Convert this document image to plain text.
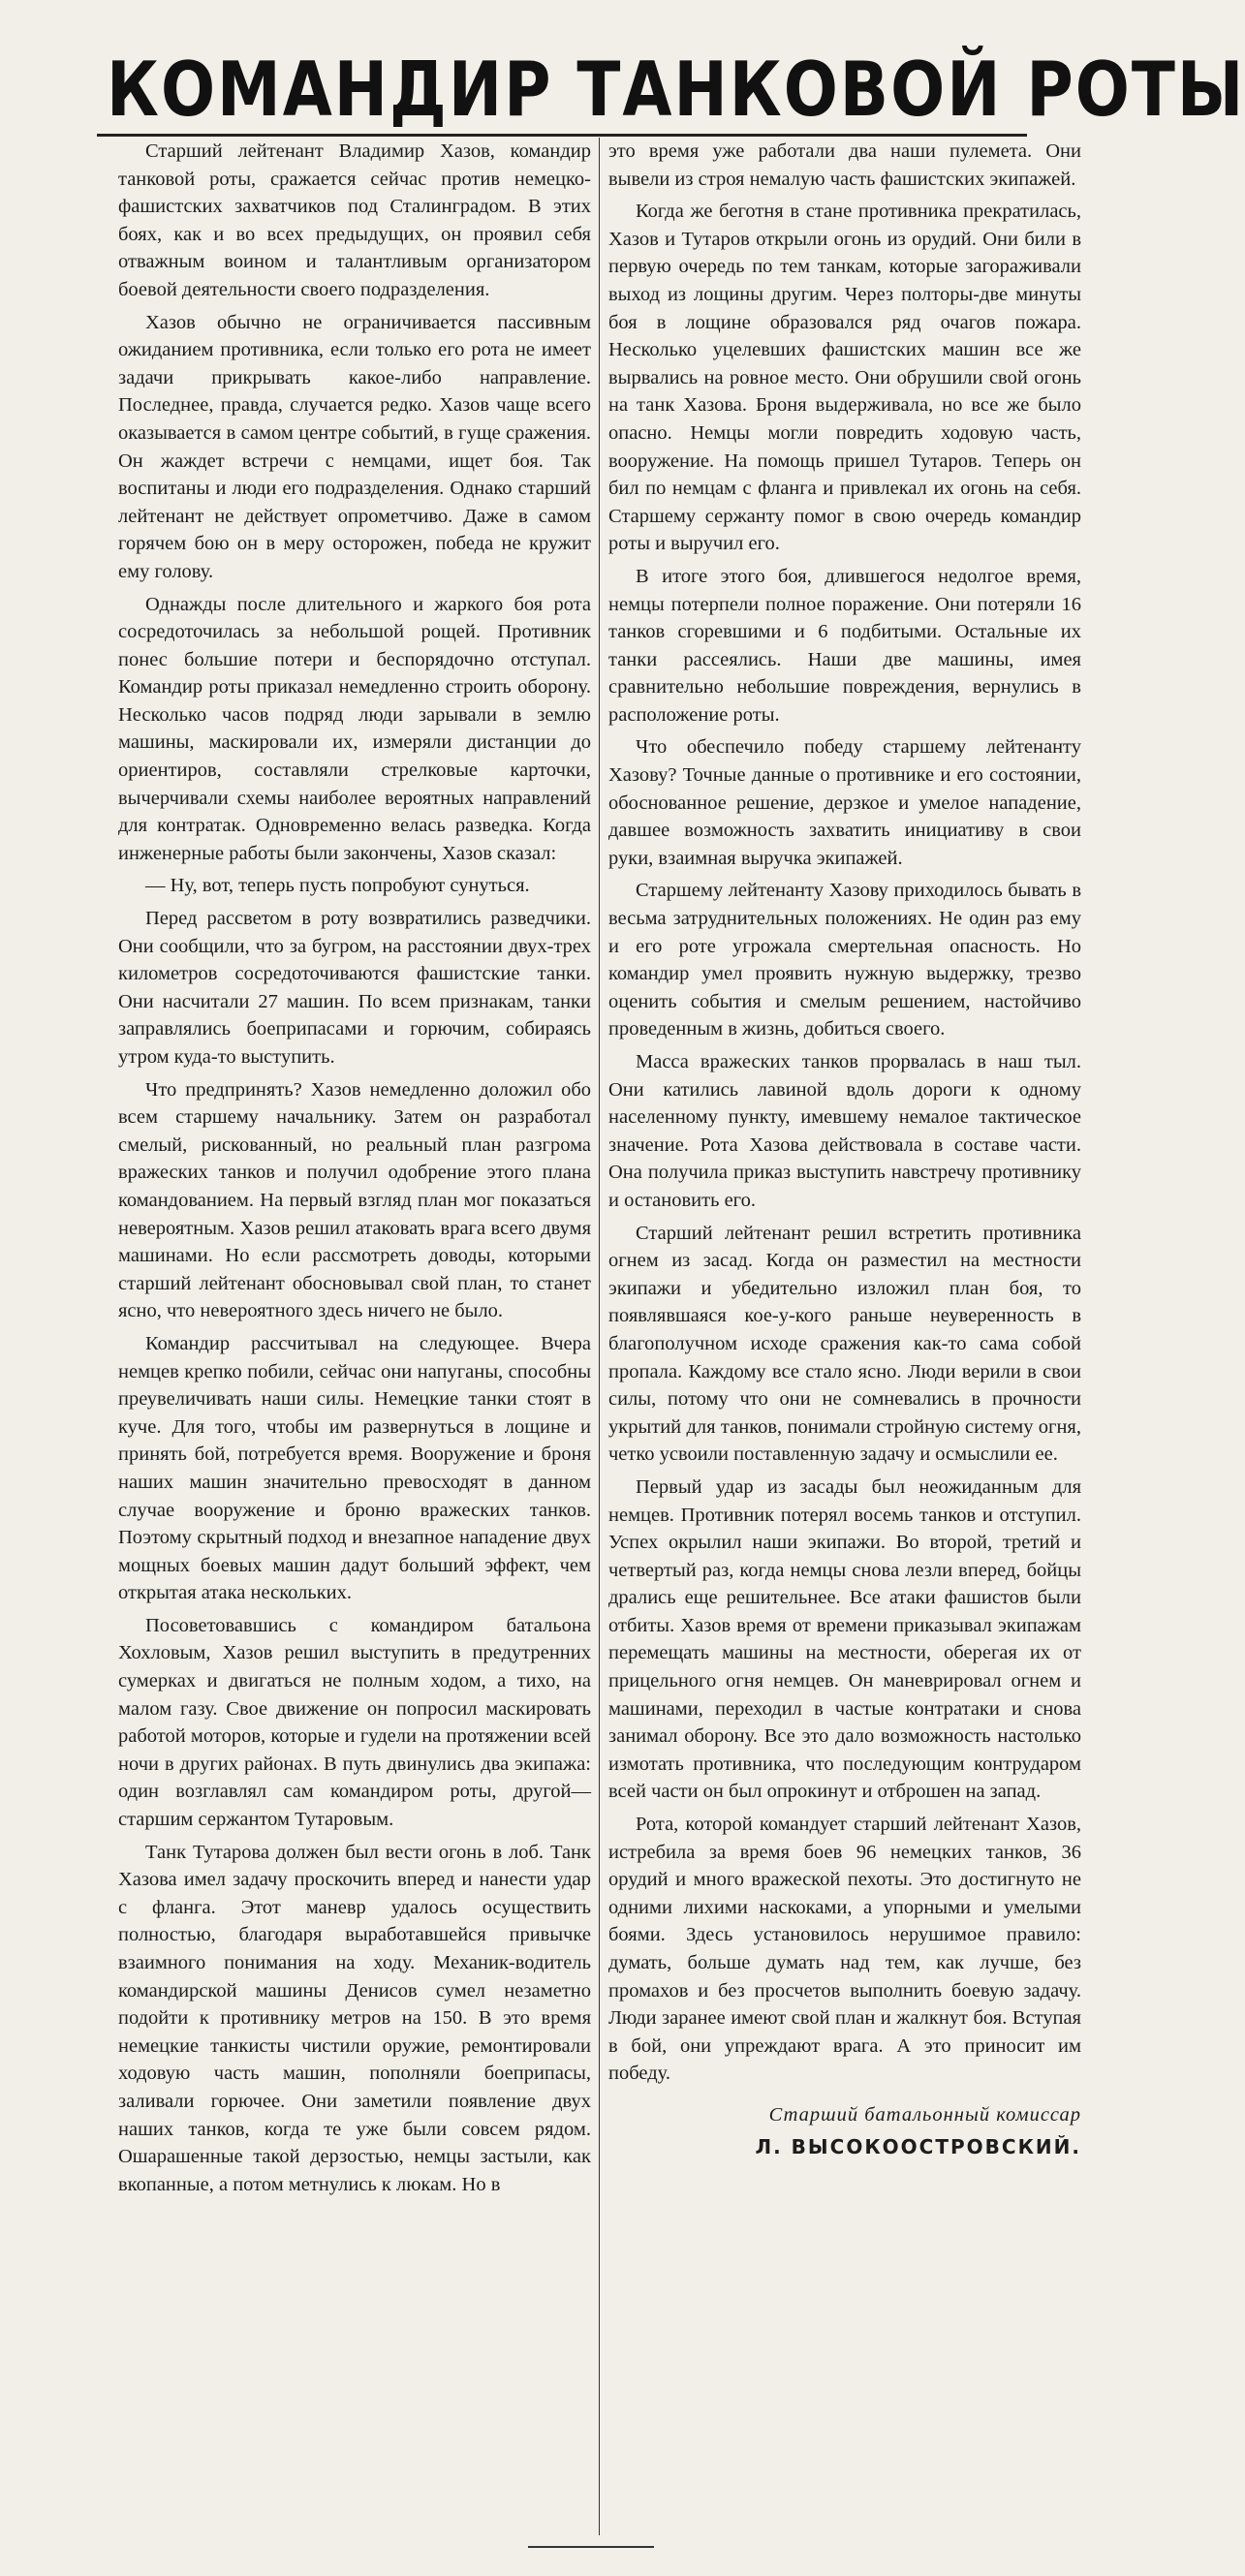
КОМАНДИР ТАНКОВОЙ РОТЫ

Старший лейтенант Владимир Хазов, командир танковой роты, сражается сейчас против немецко-фашистских захватчиков под Сталинградом. В этих боях, как и во всех предыдущих, он проявил себя отважным воином и талантливым организатором боевой деятельности своего подразделения.

Хазов обычно не ограничивается пассивным ожиданием противника, если только его рота не имеет задачи прикрывать какое-либо направление. Последнее, правда, случается редко. Хазов чаще всего оказывается в самом центре событий, в гуще сражения. Он жаждет встречи с немцами, ищет боя. Так воспитаны и люди его подразделения. Однако старший лейтенант не действует опрометчиво. Даже в самом горячем бою он в меру осторожен, победа не кружит ему голову.

Однажды после длительного и жаркого боя рота сосредоточилась за небольшой рощей. Противник понес большие потери и беспорядочно отступал. Командир роты приказал немедленно строить оборону. Несколько часов подряд люди зарывали в землю машины, маскировали их, измеряли дистанции до ориентиров, составляли стрелковые карточки, вычерчивали схемы наиболее вероятных направлений для контратак. Одновременно велась разведка. Когда инженерные работы были закончены, Хазов сказал:

— Ну, вот, теперь пусть попробуют сунуться.

Перед рассветом в роту возвратились разведчики. Они сообщили, что за бугром, на расстоянии двух-трех километров сосредоточиваются фашистские танки. Они насчитали 27 машин. По всем признакам, танки заправлялись боеприпасами и горючим, собираясь утром куда-то выступить.

Что предпринять? Хазов немедленно доложил обо всем старшему начальнику. Затем он разработал смелый, рискованный, но реальный план разгрома вражеских танков и получил одобрение этого плана командованием. На первый взгляд план мог показаться невероятным. Хазов решил атаковать врага всего двумя машинами. Но если рассмотреть доводы, которыми старший лейтенант обосновывал свой план, то станет ясно, что невероятного здесь ничего не было.

Командир рассчитывал на следующее. Вчера немцев крепко побили, сейчас они напуганы, способны преувеличивать наши силы. Немецкие танки стоят в куче. Для того, чтобы им развернуться в лощине и принять бой, потребуется время. Вооружение и броня наших машин значительно превосходят в данном случае вооружение и броню вражеских танков. Поэтому скрытный подход и внезапное нападение двух мощных боевых машин дадут больший эффект, чем открытая атака нескольких.

Посоветовавшись с командиром батальона Хохловым, Хазов решил выступить в предутренних сумерках и двигаться не полным ходом, а тихо, на малом газу. Свое движение он попросил маскировать работой моторов, которые и гудели на протяжении всей ночи в других районах. В путь двинулись два экипажа: один возглавлял сам командиром роты, другой—старшим сержантом Тутаровым.

Танк Тутарова должен был вести огонь в лоб. Танк Хазова имел задачу проскочить вперед и нанести удар с фланга. Этот маневр удалось осуществить полностью, благодаря выработавшейся привычке взаимного понимания на ходу. Механик-водитель командирской машины Денисов сумел незаметно подойти к противнику метров на 150. В это время немецкие танкисты чистили оружие, ремонтировали ходовую часть машин, пополняли боеприпасы, заливали горючее. Они заметили появление двух наших танков, когда те уже были совсем рядом. Ошарашенные такой дерзостью, немцы застыли, как вкопанные, а потом метнулись к люкам. Но в

это время уже работали два наши пулемета. Они вывели из строя немалую часть фашистских экипажей.

Когда же беготня в стане противника прекратилась, Хазов и Тутаров открыли огонь из орудий. Они били в первую очередь по тем танкам, которые загораживали выход из лощины другим. Через полторы-две минуты боя в лощине образовался ряд очагов пожара. Несколько уцелевших фашистских машин все же вырвались на ровное место. Они обрушили свой огонь на танк Хазова. Броня выдерживала, но все же было опасно. Немцы могли повредить ходовую часть, вооружение. На помощь пришел Тутаров. Теперь он бил по немцам с фланга и привлекал их огонь на себя. Старшему сержанту помог в свою очередь командир роты и выручил его.

В итоге этого боя, длившегося недолгое время, немцы потерпели полное поражение. Они потеряли 16 танков сгоревшими и 6 подбитыми. Остальные их танки рассеялись. Наши две машины, имея сравнительно небольшие повреждения, вернулись в расположение роты.

Что обеспечило победу старшему лейтенанту Хазову? Точные данные о противнике и его состоянии, обоснованное решение, дерзкое и умелое нападение, давшее возможность захватить инициативу в свои руки, взаимная выручка экипажей.

Старшему лейтенанту Хазову приходилось бывать в весьма затруднительных положениях. Не один раз ему и его роте угрожала смертельная опасность. Но командир умел проявить нужную выдержку, трезво оценить события и смелым решением, настойчиво проведенным в жизнь, добиться своего.

Масса вражеских танков прорвалась в наш тыл. Они катились лавиной вдоль дороги к одному населенному пункту, имевшему немалое тактическое значение. Рота Хазова действовала в составе части. Она получила приказ выступить навстречу противнику и остановить его.

Старший лейтенант решил встретить противника огнем из засад. Когда он разместил на местности экипажи и убедительно изложил план боя, то появлявшаяся кое-у-кого раньше неуверенность в благополучном исходе сражения как-то сама собой пропала. Каждому все стало ясно. Люди верили в свои силы, потому что они не сомневались в прочности укрытий для танков, понимали стройную систему огня, четко усвоили поставленную задачу и осмыслили ее.

Первый удар из засады был неожиданным для немцев. Противник потерял восемь танков и отступил. Успех окрылил наши экипажи. Во второй, третий и четвертый раз, когда немцы снова лезли вперед, бойцы дрались еще решительнее. Все атаки фашистов были отбиты. Хазов время от времени приказывал экипажам перемещать машины на местности, оберегая их от прицельного огня немцев. Он маневрировал огнем и машинами, переходил в частые контратаки и снова занимал оборону. Все это дало возможность настолько измотать противника, что последующим контрударом всей части он был опрокинут и отброшен на запад.

Рота, которой командует старший лейтенант Хазов, истребила за время боев 96 немецких танков, 36 орудий и много вражеской пехоты. Это достигнуто не одними лихими наскоками, а упорными и умелыми боями. Здесь установилось нерушимое правило: думать, больше думать над тем, как лучше, без промахов и без просчетов выполнить боевую задачу. Люди заранее имеют свой план и жалкнут боя. Вступая в бой, они упреждают врага. А это приносит им победу.

Старший батальонный комиссар
Л. ВЫСОКООСТРОВСКИЙ.
